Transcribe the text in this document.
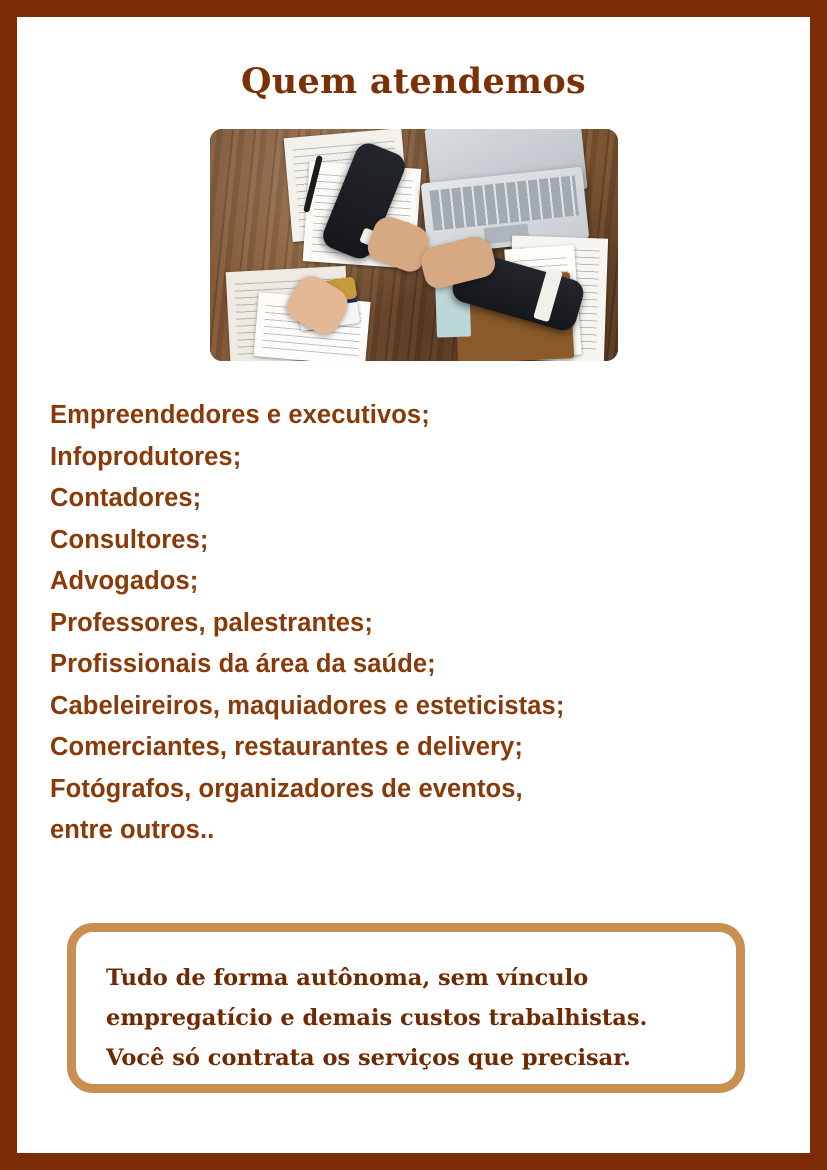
Quem atendemos
Empreendedores e executivos;
Infoprodutores;
Contadores;
Consultores;
Advogados;
Professores, palestrantes;
Profissionais da área da saúde;
Cabeleireiros, maquiadores e esteticistas;
Comerciantes, restaurantes e delivery;
Fotógrafos, organizadores de eventos,
entre outros..
Tudo de forma autônoma, sem vínculo
empregatício e demais custos trabalhistas.
Você só contrata os serviços que precisar.
